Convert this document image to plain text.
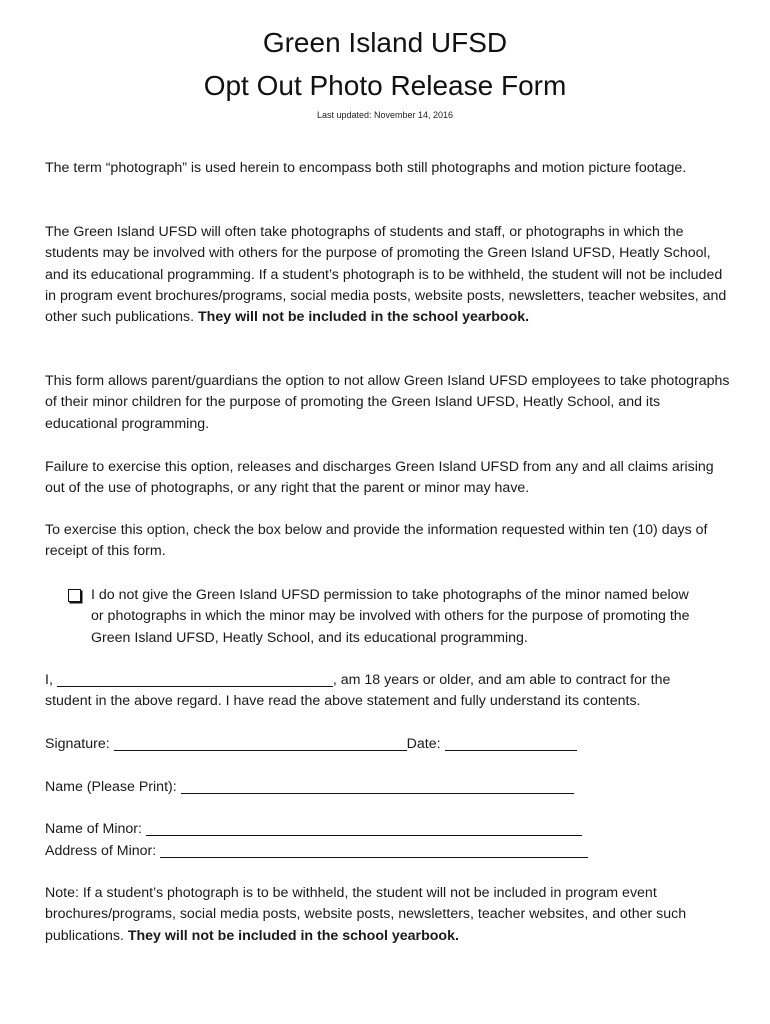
Green Island UFSD
Opt Out Photo Release Form
Last updated: November 14, 2016

The term “photograph” is used herein to encompass both still photographs and motion picture footage.

The Green Island UFSD will often take photographs of students and staff, or photographs in which the students may be involved with others for the purpose of promoting the Green Island UFSD, Heatly School, and its educational programming. If a student’s photograph is to be withheld, the student will not be included in program event brochures/programs, social media posts, website posts, newsletters, teacher websites, and other such publications. They will not be included in the school yearbook.

This form allows parent/guardians the option to not allow Green Island UFSD employees to take photographs of their minor children for the purpose of promoting the Green Island UFSD, Heatly School, and its educational programming.

Failure to exercise this option, releases and discharges Green Island UFSD from any and all claims arising out of the use of photographs, or any right that the parent or minor may have.

To exercise this option, check the box below and provide the information requested within ten (10) days of receipt of this form.

I do not give the Green Island UFSD permission to take photographs of the minor named below or photographs in which the minor may be involved with others for the purpose of promoting the Green Island UFSD, Heatly School, and its educational programming.
I,	, am 18 years or older, and am able to contract for the
student in the above regard. I have read the above statement and fully understand its contents.
Signature:	Date:
Name (Please Print):
Name of Minor:
Address of Minor:

Note: If a student’s photograph is to be withheld, the student will not be included in program event brochures/programs, social media posts, website posts, newsletters, teacher websites, and other such publications. They will not be included in the school yearbook.
